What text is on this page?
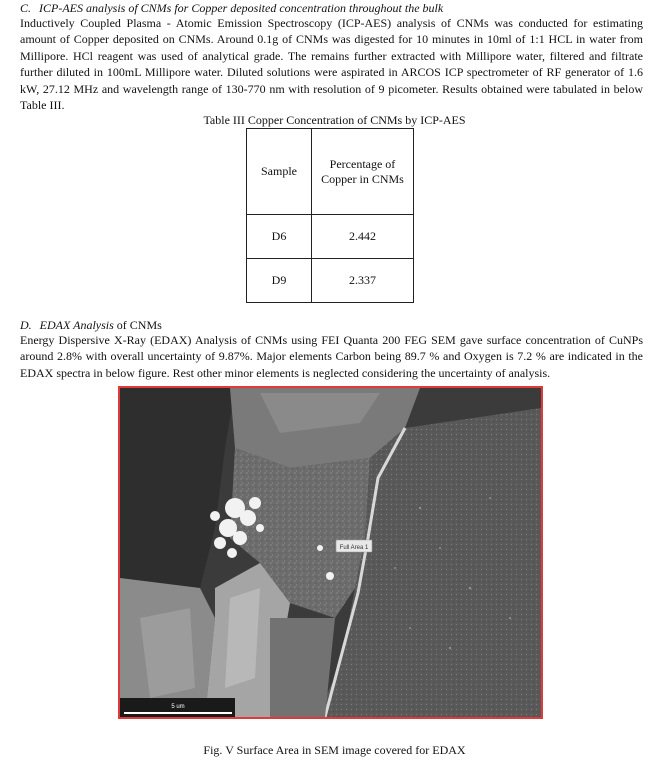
C. ICP-AES analysis of CNMs for Copper deposited concentration throughout the bulk
Inductively Coupled Plasma - Atomic Emission Spectroscopy (ICP-AES) analysis of CNMs was conducted for estimating amount of Copper deposited on CNMs. Around 0.1g of CNMs was digested for 10 minutes in 10ml of 1:1 HCL in water from Millipore. HCl reagent was used of analytical grade. The remains further extracted with Millipore water, filtered and filtrate further diluted in 100mL Millipore water. Diluted solutions were aspirated in ARCOS ICP spectrometer of RF generator of 1.6 kW, 27.12 MHz and wavelength range of 130-770 nm with resolution of 9 picometer. Results obtained were tabulated in below Table III.
Table III Copper Concentration of CNMs by ICP-AES
Sample	Percentage of Copper in CNMs
D6	2.442
D9	2.337
D. EDAX Analysis of CNMs
Energy Dispersive X-Ray (EDAX) Analysis of CNMs using FEI Quanta 200 FEG SEM gave surface concentration of CuNPs around 2.8% with overall uncertainty of 9.87%. Major elements Carbon being 89.7 % and Oxygen is 7.2 % are indicated in the EDAX spectra in below figure. Rest other minor elements is neglected considering the uncertainty of analysis.
Full Area 1
5 um
Fig. V Surface Area in SEM image covered for EDAX
